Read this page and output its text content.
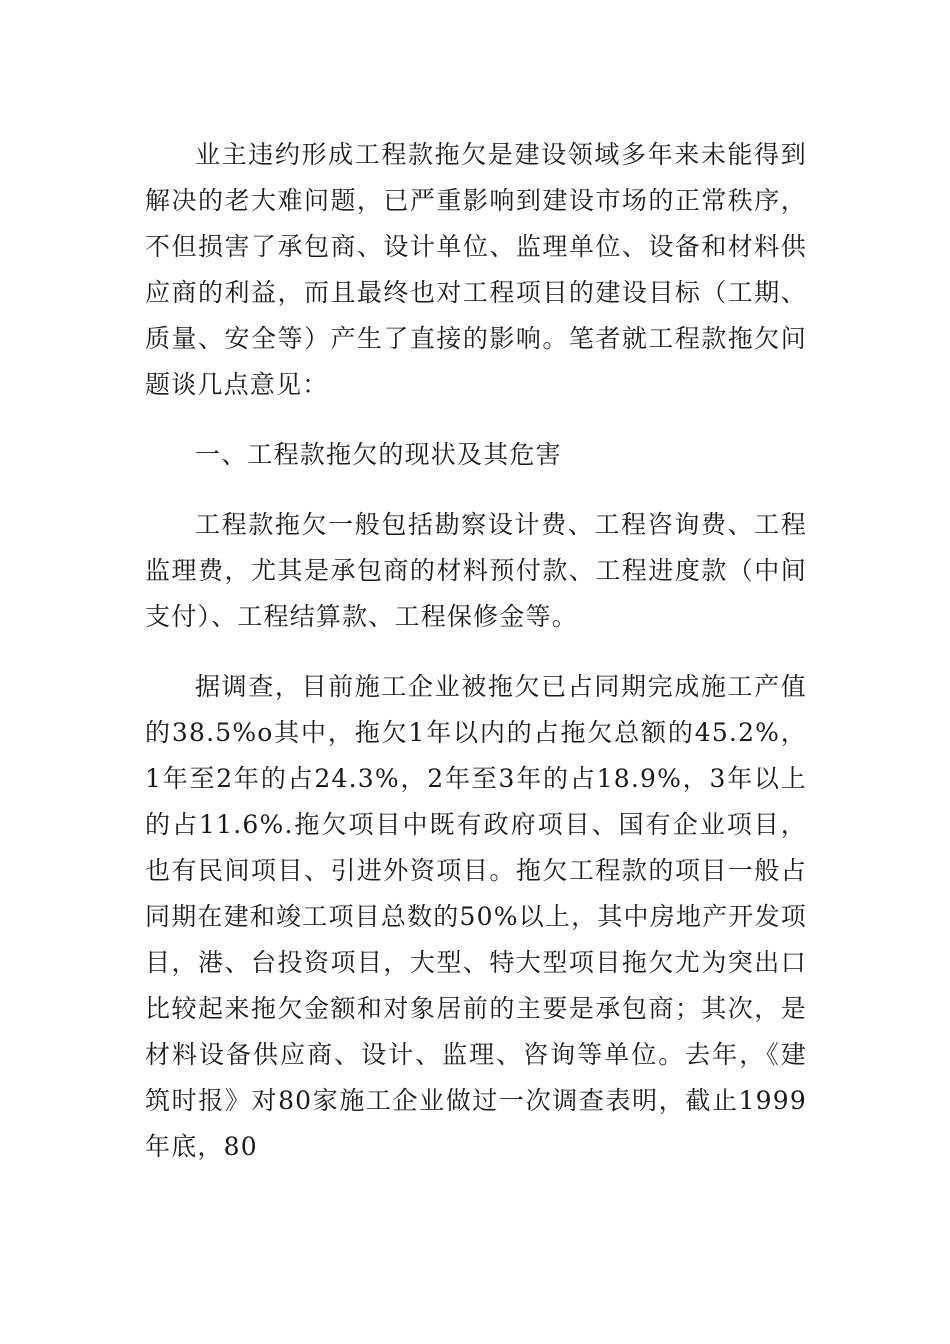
业主违约形成工程款拖欠是建设领域多年来未能得到解决的老大难问题，已严重影响到建设市场的正常秩序，不但损害了承包商、设计单位、监理单位、设备和材料供应商的利益，而且最终也对工程项目的建设目标（工期、质量、安全等）产生了直接的影响。笔者就工程款拖欠问题谈几点意见：

一、工程款拖欠的现状及其危害

工程款拖欠一般包括勘察设计费、工程咨询费、工程监理费，尤其是承包商的材料预付款、工程进度款（中间支付）、工程结算款、工程保修金等。

据调查，目前施工企业被拖欠已占同期完成施工产值的38.5%o其中，拖欠1年以内的占拖欠总额的45.2%，1年至2年的占24.3%，2年至3年的占18.9%，3年以上的占11.6%.拖欠项目中既有政府项目、国有企业项目，也有民间项目、引进外资项目。拖欠工程款的项目一般占同期在建和竣工项目总数的50%以上，其中房地产开发项目，港、台投资项目，大型、特大型项目拖欠尤为突出口比较起来拖欠金额和对象居前的主要是承包商；其次，是材料设备供应商、设计、监理、咨询等单位。去年，《建筑时报》对80家施工企业做过一次调查表明，截止1999年底，80
